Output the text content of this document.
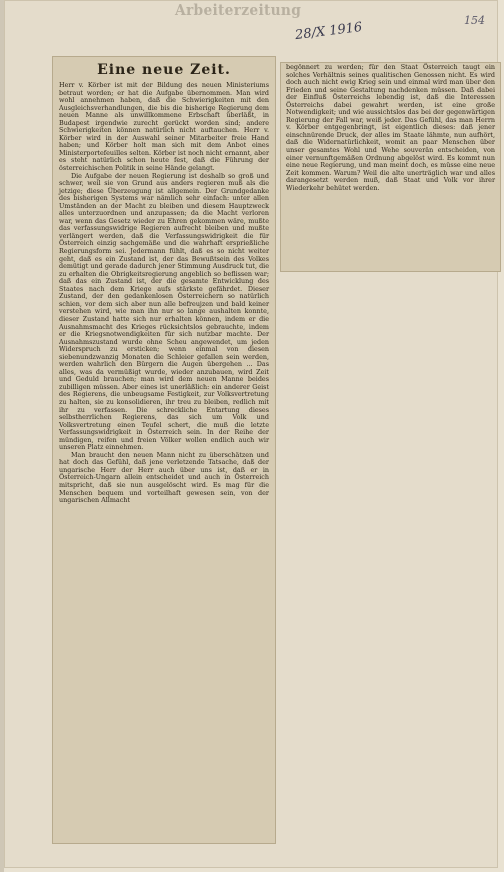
Arbeiterzeitung
28/X 1916	154
Eine neue Zeit.

Herr v. Körber ist mit der Bildung des neuen Ministeriums betraut worden; er hat die Aufgabe übernommen. Man wird wohl annehmen haben, daß die Schwierigkeiten mit den Ausgleichsverhandlungen, die bis die bisherige Regierung dem neuen Manne als unwillkommene Erbschaft überläßt, in Budapest irgendwie zurecht gerückt worden sind; andere Schwierigkeiten können natürlich nicht auftauchen. Herr v. Körber wird in der Auswahl seiner Mitarbeiter freie Hand haben; und Körber holt man sich mit dem Anbot eines Ministerportefeuilles selten. Körber ist noch nicht ernannt, aber es steht natürlich schon heute fest, daß die Führung der österreichischen Politik in seine Hände gelangt.

Die Aufgabe der neuen Regierung ist deshalb so groß und schwer, weil sie von Grund aus anders regieren muß als die jetzige; diese Überzeugung ist allgemein. Der Grundgedanke des bisherigen Systems war nämlich sehr einfach: unter allen Umständen an der Macht zu bleiben und diesem Hauptzweck alles unterzuordnen und anzupassen; da die Macht verloren war, wenn das Gesetz wieder zu Ehren gekommen wäre, mußte das verfassungswidrige Regieren aufrecht bleiben und mußte verlängert werden, daß die Verfassungswidrigkeit die für Österreich einzig sachgemäße und die wahrhaft ersprießliche Regierungsform sei. Jedermann fühlt, daß es so nicht weiter geht, daß es ein Zustand ist, der das Bewußtsein des Volkes demütigt und gerade dadurch jener Stimmung Ausdruck tut, die zu erhalten die Obrigkeitsregierung angeblich so beflissen war; daß das ein Zustand ist, der die gesamte Entwicklung des Staates nach dem Kriege aufs stärkste gefährdet. Dieser Zustand, der den gedankenlosen Österreichern so natürlich schien, vor dem sich aber nun alle befreujzen und bald keiner verstehen wird, wie man ihn nur so lange aushalten konnte, dieser Zustand hatte sich nur erhalten können, indem er die Ausnahmsmacht des Krieges rücksichtslos gebrauchte, indem er die Kriegsnotwendigkeiten für sich nutzbar machte. Der Ausnahmszustand wurde ohne Scheu angewendet, um jeden Widerspruch zu ersticken; wenn einmal von diesen siebenundzwanzig Monaten die Schleier gefallen sein werden, werden wahrlich den Bürgern die Augen übergehen ... Das alles, was da vermüßigt wurde, wieder anzubauen, wird Zeit und Geduld brauchen; man wird dem neuen Manne beides zubilligen müssen. Aber eines ist unerläßlich: ein anderer Geist des Regierens, die unbeugsame Festigkeit, zur Volksvertretung zu halten, sie zu konsolidieren, ihr treu zu bleiben, redlich mit ihr zu verfassen. Die schreckliche Entartung dieses selbstherrlichen Regierens, das sich um Volk und Volksvertretung einen Teufel schert, die muß die letzte Verfassungswidrigkeit in Österreich sein. In der Reihe der mündigen, reifen und freien Völker wollen endlich auch wir unseren Platz einnehmen.

Man braucht den neuen Mann nicht zu überschätzen und hat doch das Gefühl, daß jene verletzende Tatsache, daß der ungarische Herr der Herr auch über uns ist, daß er in Österreich-Ungarn allein entscheidet und auch in Österreich mitspricht, daß sie nun ausgelöscht wird. Es mag für die Menschen bequem und vorteilhaft gewesen sein, von der ungarischen Allmacht

begönnert zu werden; für den Staat Österreich taugt ein solches Verhältnis seines qualitischen Genossen nicht. Es wird doch auch nicht ewig Krieg sein und einmal wird man über den Frieden und seine Gestaltung nachdenken müssen. Daß dabei der Einfluß Österreichs lebendig ist, daß die Interessen Österreichs dabei gewahrt werden, ist eine große Notwendigkeit; und wie aussichtslos das bei der gegenwärtigen Regierung der Fall war, weiß jeder. Das Gefühl, das man Herrn v. Körber entgegenbringt, ist eigentlich dieses: daß jener einschnürende Druck, der alles im Staate lähmte, nun aufhört, daß die Widernatürlichkeit, womit an paar Menschen über unser gesamtes Wohl und Wehe souverän entscheiden, von einer vernunftgemäßen Ordnung abgelöst wird. Es kommt nun eine neue Regierung, und man meint doch, es müsse eine neue Zeit kommen. Warum? Weil die alte unerträglich war und alles darangesetzt werden muß, daß Staat und Volk vor ihrer Wiederkehr behütet werden.
